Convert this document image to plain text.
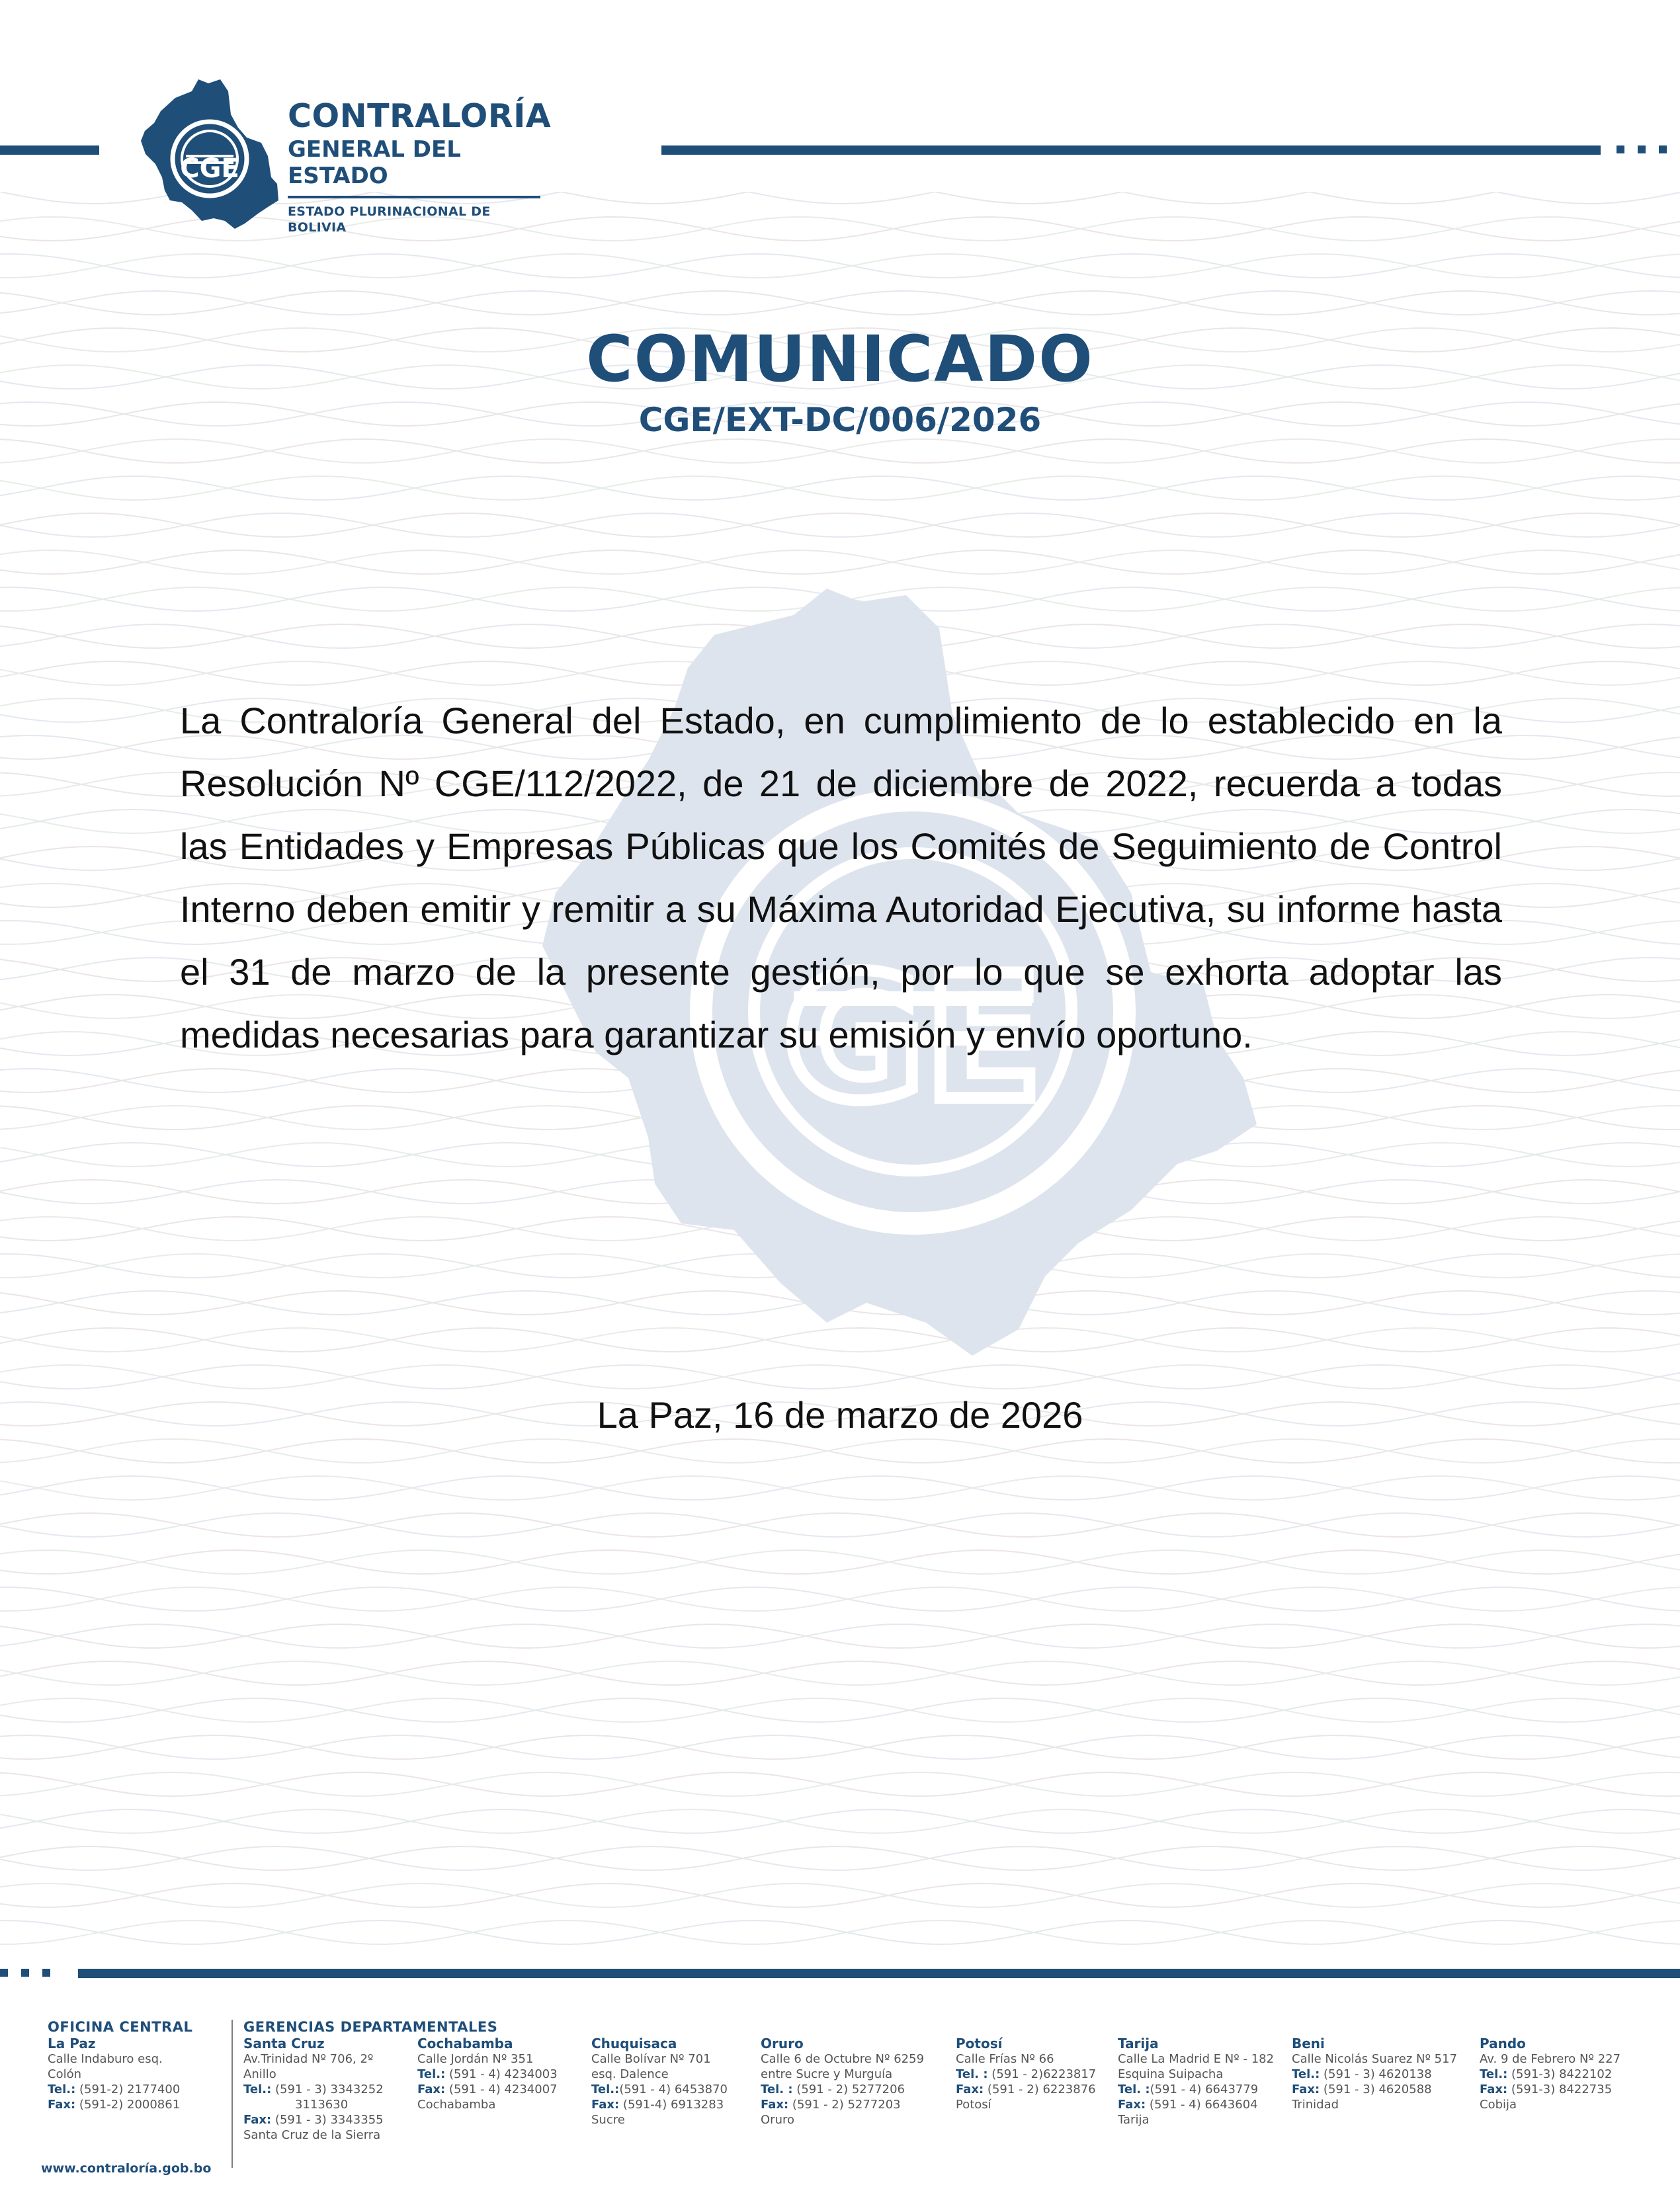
GE
CGE
CONTRALORÍA
GENERAL DEL ESTADO
ESTADO PLURINACIONAL DE BOLIVIA
COMUNICADO
CGE/EXT-DC/006/2026
La Contraloría General del Estado, en cumplimiento de lo establecido en la Resolución Nº CGE/112/2022, de 21 de diciembre de 2022, recuerda a todas las Entidades y Empresas Públicas que los Comités de Seguimiento de Control Interno deben emitir y remitir a su Máxima Autoridad Ejecutiva, su informe hasta el 31 de marzo de la presente gestión, por lo que se exhorta adoptar las medidas necesarias para garantizar su emisión y envío oportuno.
La Paz, 16 de marzo de 2026
OFICINA CENTRAL
La Paz
Calle Indaburo esq.
Colón
Tel.: (591-2) 2177400
Fax: (591-2) 2000861
www.contraloría.gob.bo
GERENCIAS DEPARTAMENTALES
Santa Cruz
Av.Trinidad Nº 706, 2º
Anillo
Tel.: (591 - 3) 3343252
3113630
Fax: (591 - 3) 3343355
Santa Cruz de la Sierra
Cochabamba
Calle Jordán Nº 351
Tel.: (591 - 4) 4234003
Fax: (591 - 4) 4234007
Cochabamba
Chuquisaca
Calle Bolívar Nº 701
esq. Dalence
Tel.:(591 - 4) 6453870
Fax: (591-4) 6913283
Sucre
Oruro
Calle 6 de Octubre Nº 6259
entre Sucre y Murguía
Tel. : (591 - 2) 5277206
Fax: (591 - 2) 5277203
Oruro
Potosí
Calle Frías Nº 66
Tel. : (591 - 2)6223817
Fax: (591 - 2) 6223876
Potosí
Tarija
Calle La Madrid E Nº - 182
Esquina Suipacha
Tel. :(591 - 4) 6643779
Fax: (591 - 4) 6643604
Tarija
Beni
Calle Nicolás Suarez Nº 517
Tel.: (591 - 3) 4620138
Fax: (591 - 3) 4620588
Trinidad
Pando
Av. 9 de Febrero Nº 227
Tel.: (591-3) 8422102
Fax: (591-3) 8422735
Cobija
